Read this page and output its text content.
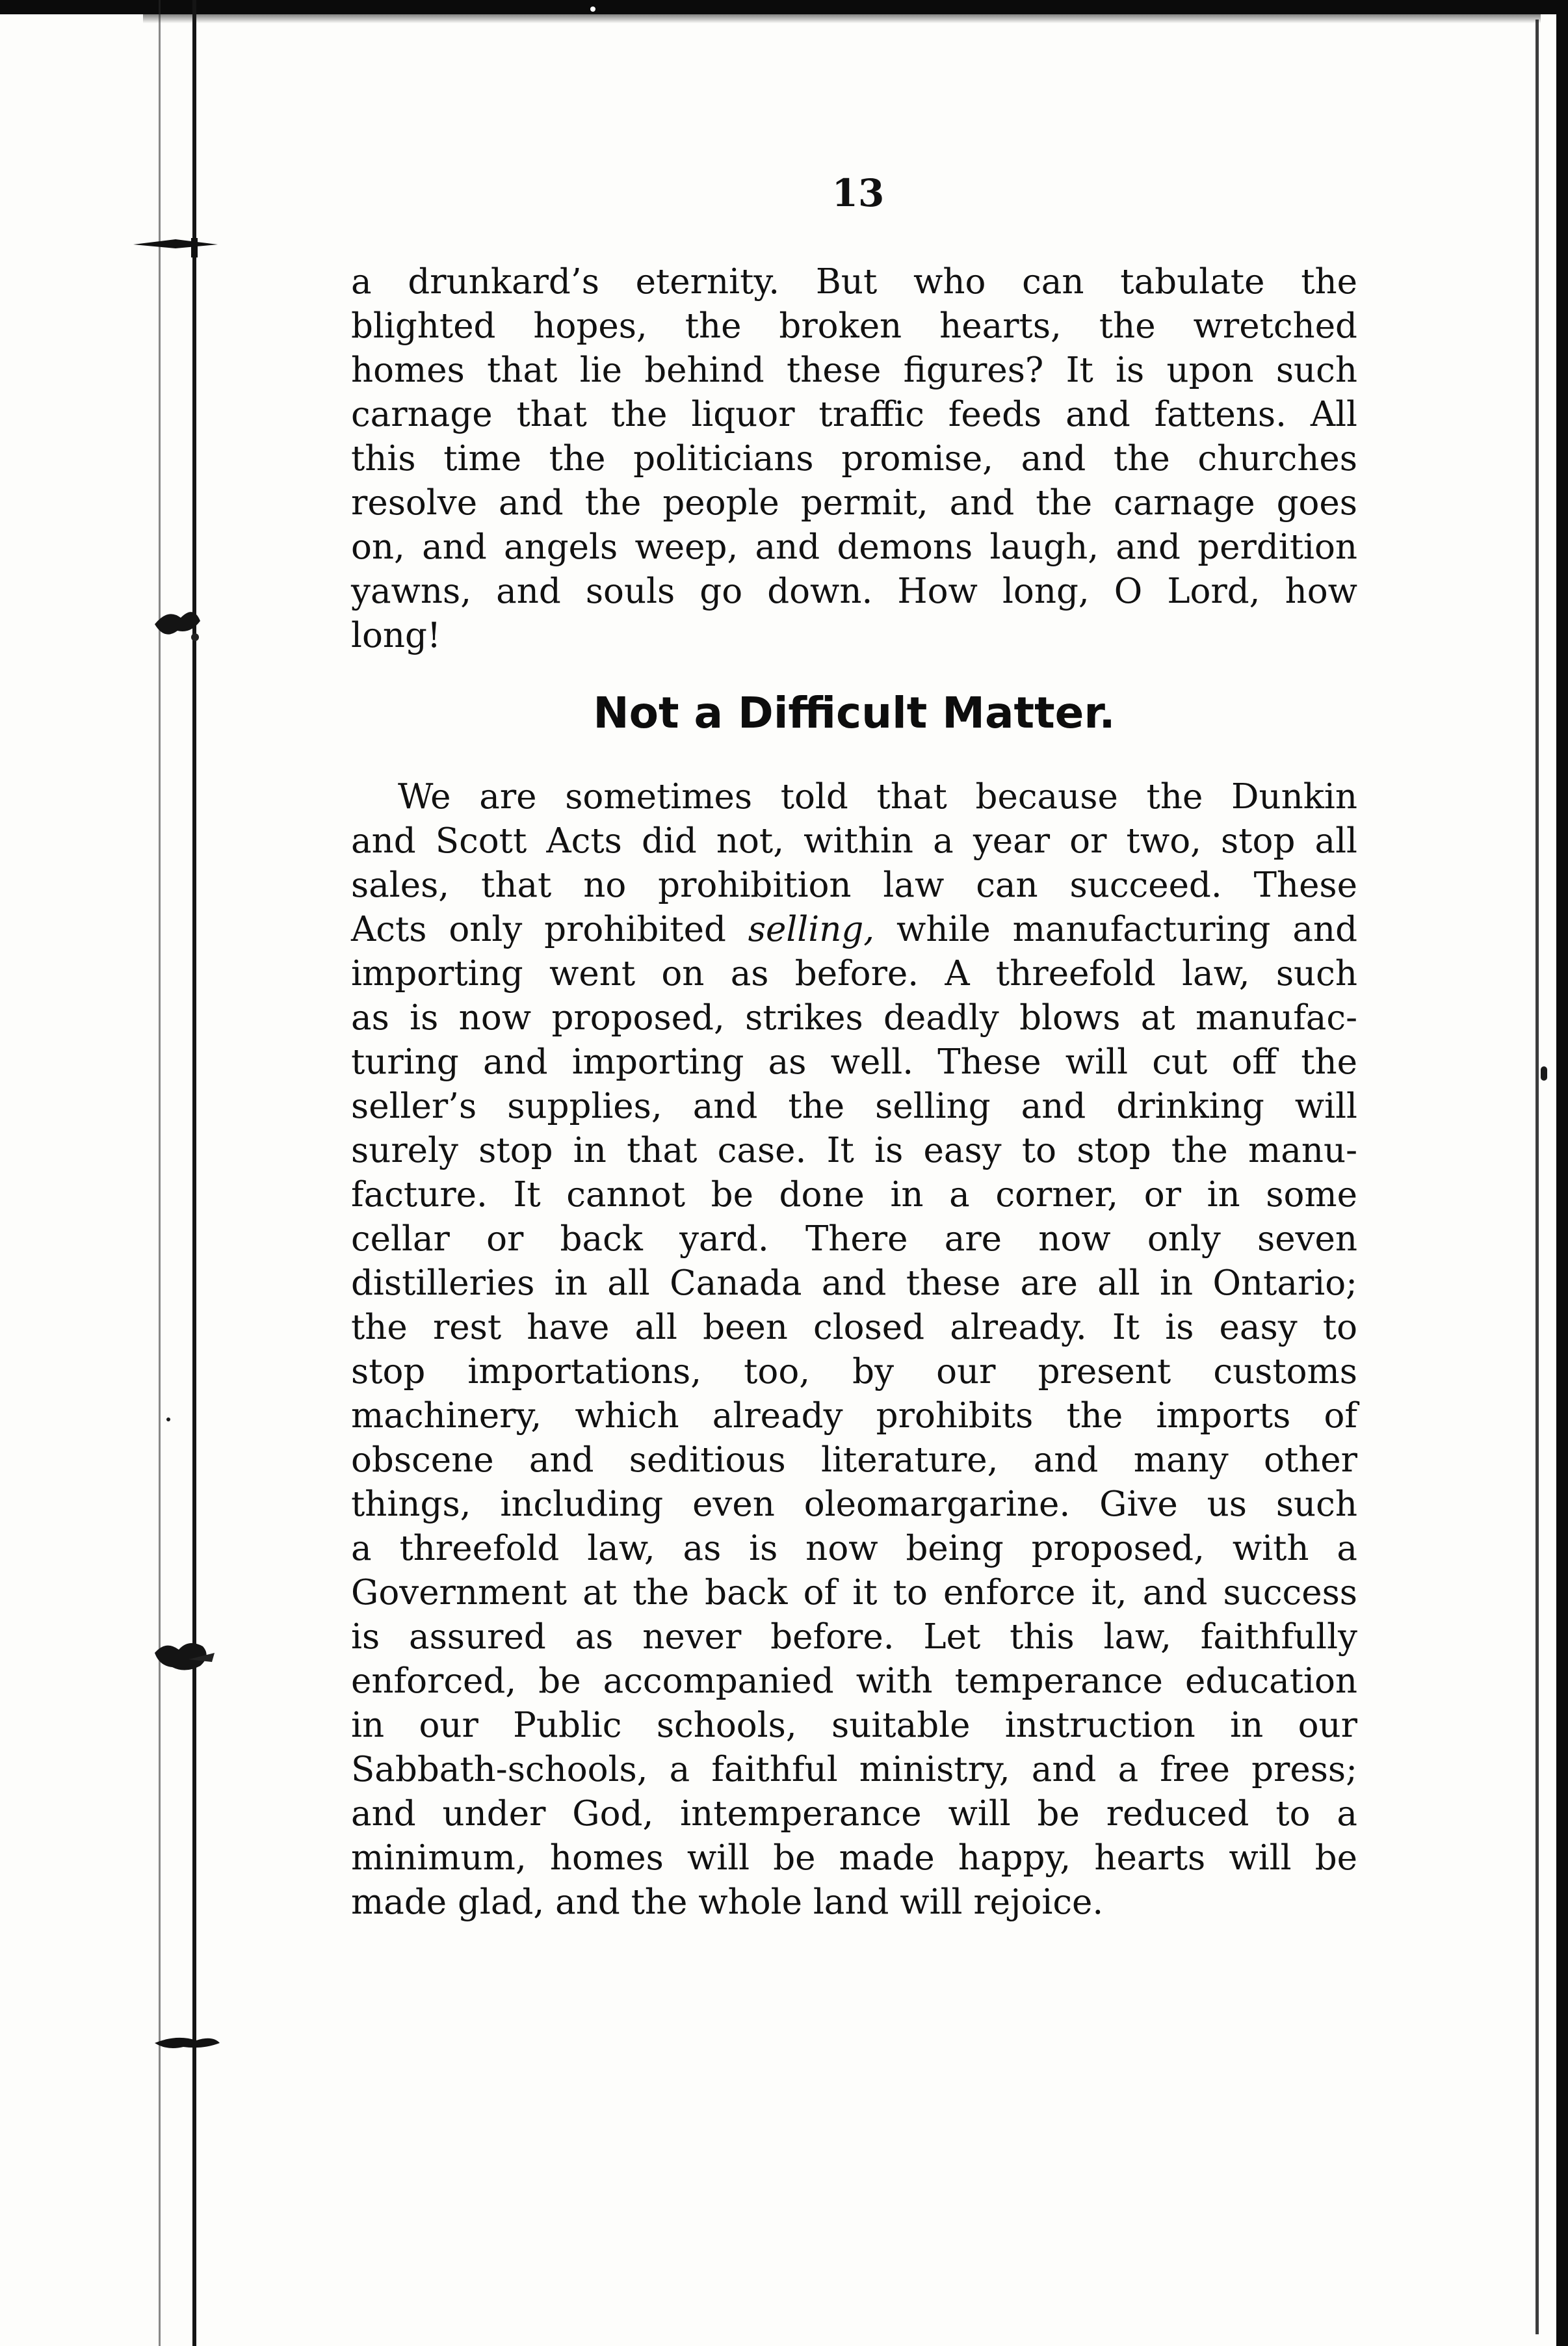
13
a drunkard’s eternity. But who can tabulate the
blighted hopes, the broken hearts, the wretched
homes that lie behind these figures? It is upon such
carnage that the liquor traffic feeds and fattens. All
this time the politicians promise, and the churches
resolve and the people permit, and the carnage goes
on, and angels weep, and demons laugh, and perdition
yawns, and souls go down. How long, O Lord, how
long!
Not a Difficult Matter.
We are sometimes told that because the Dunkin
and Scott Acts did not, within a year or two, stop all
sales, that no prohibition law can succeed. These
Acts only prohibited selling, while manufacturing and
importing went on as before. A threefold law, such
as is now proposed, strikes deadly blows at manufac-
turing and importing as well. These will cut off the
seller’s supplies, and the selling and drinking will
surely stop in that case. It is easy to stop the manu-
facture. It cannot be done in a corner, or in some
cellar or back yard. There are now only seven
distilleries in all Canada and these are all in Ontario;
the rest have all been closed already. It is easy to
stop importations, too, by our present customs
machinery, which already prohibits the imports of
obscene and seditious literature, and many other
things, including even oleomargarine. Give us such
a threefold law, as is now being proposed, with a
Government at the back of it to enforce it, and success
is assured as never before. Let this law, faithfully
enforced, be accompanied with temperance education
in our Public schools, suitable instruction in our
Sabbath-schools, a faithful ministry, and a free press;
and under God, intemperance will be reduced to a
minimum, homes will be made happy, hearts will be
made glad, and the whole land will rejoice.
